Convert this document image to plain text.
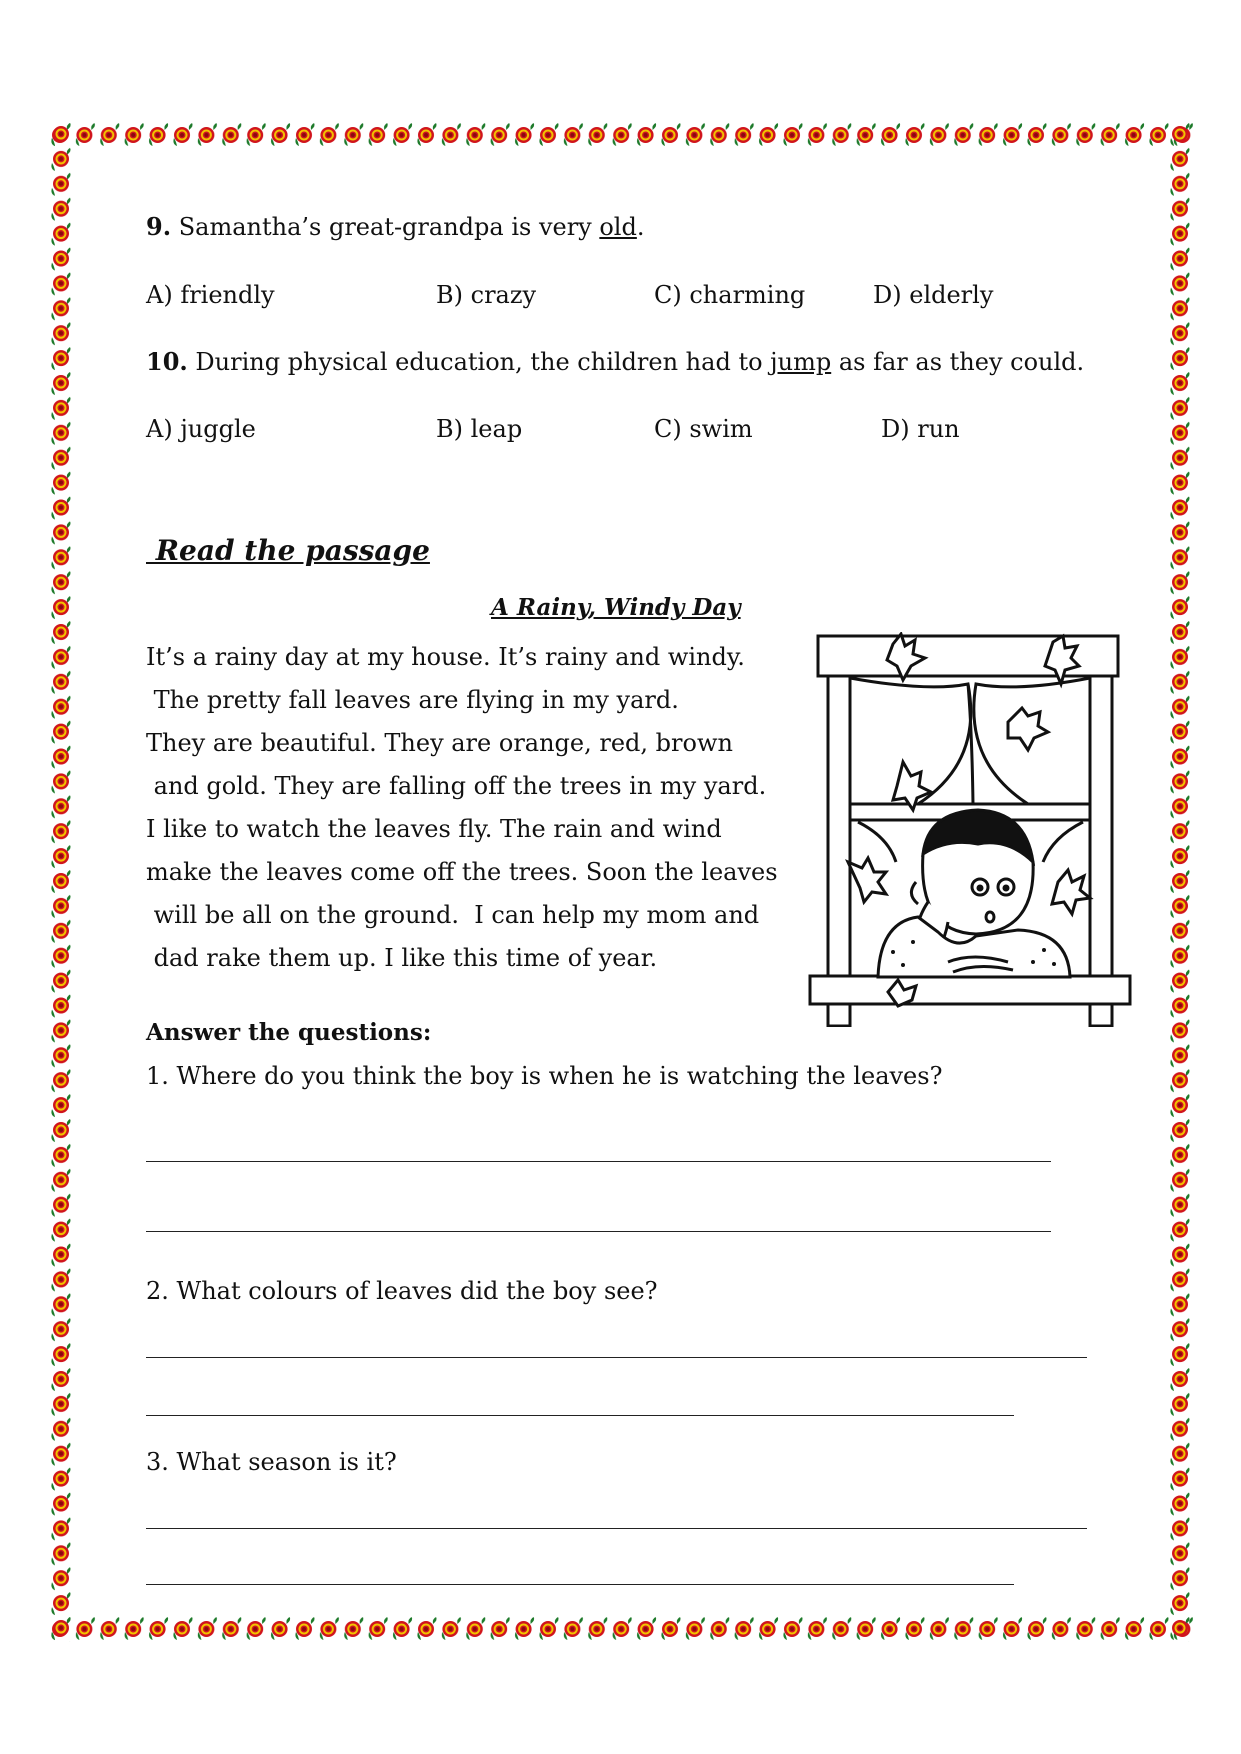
9. Samantha’s great-grandpa is very old.
A) friendly	B) crazy	C) charming	D) elderly
10. During physical education, the children had to jump as far as they could.
A) juggle	B) leap	C) swim	D) run
Read the passage
A Rainy, Windy Day
It’s a rainy day at my house. It’s rainy and windy.
The pretty fall leaves are flying in my yard.
They are beautiful. They are orange, red, brown
and gold. They are falling off the trees in my yard.
I like to watch the leaves fly. The rain and wind
make the leaves come off the trees. Soon the leaves
will be all on the ground.  I can help my mom and
dad rake them up. I like this time of year.
Answer the questions:
1. Where do you think the boy is when he is watching the leaves?
2. What colours of leaves did the boy see?
3. What season is it?
